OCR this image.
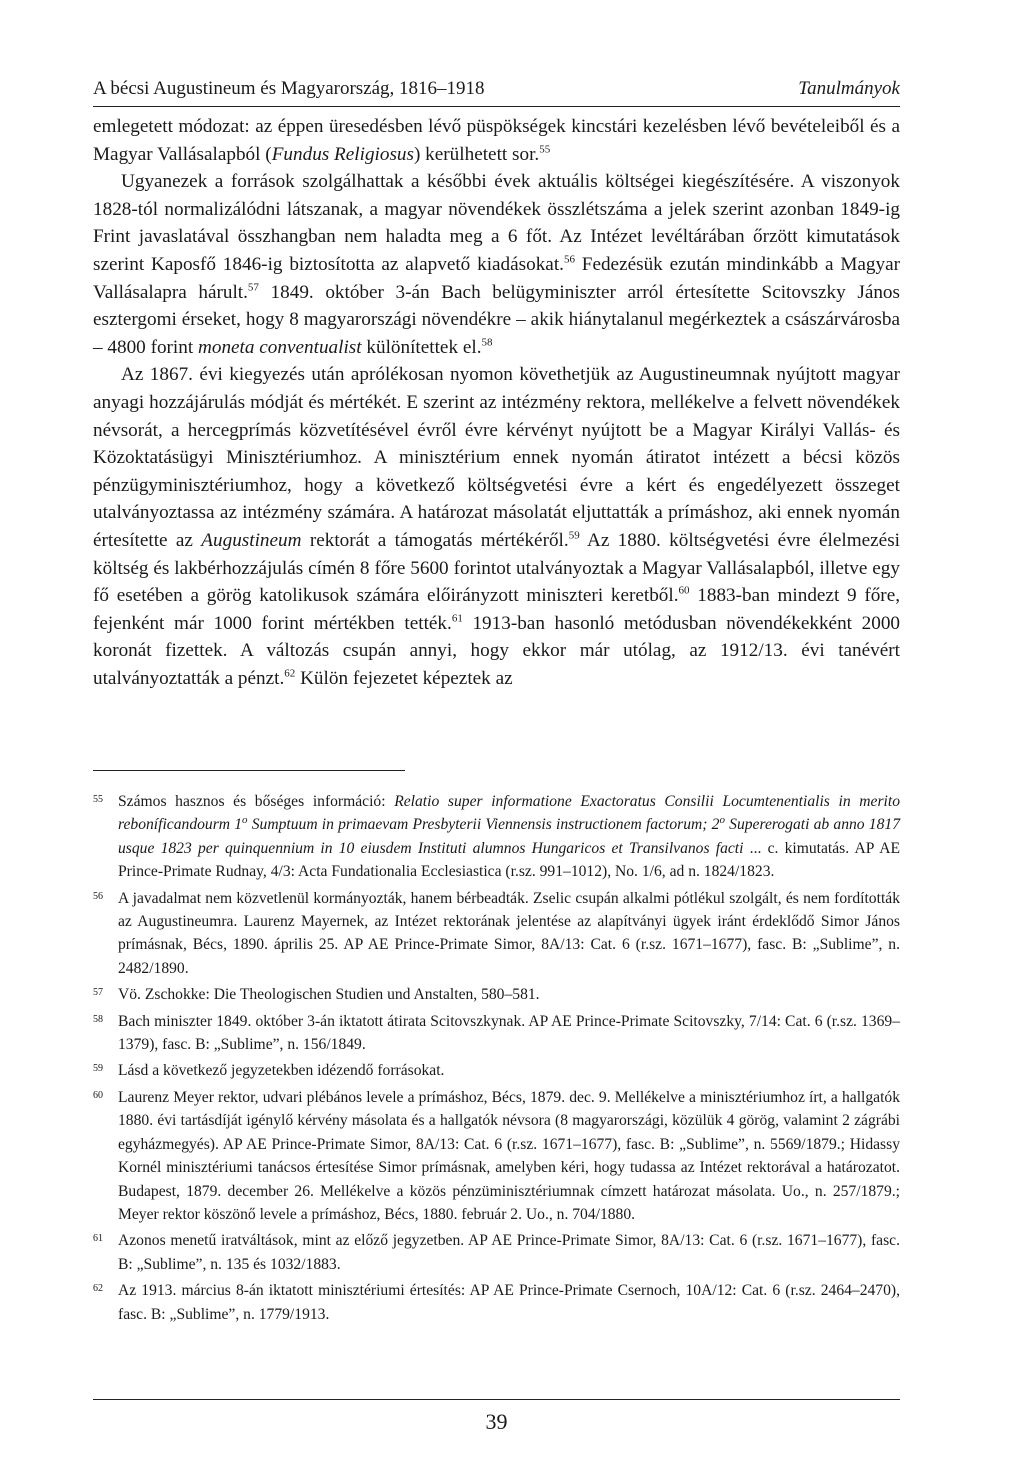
A bécsi Augustineum és Magyarország, 1816–1918	Tanulmányok

emlegetett módozat: az éppen üresedésben lévő püspökségek kincstári kezelésben lévő bevételeiből és a Magyar Vallásalapból (Fundus Religiosus) kerülhetett sor.$^{55}$

Ugyanezek a források szolgálhattak a későbbi évek aktuális költségei kiegészítésére. A viszonyok 1828-tól normalizálódni látszanak, a magyar növendékek összlétszáma a jelek szerint azonban 1849-ig Frint javaslatával összhangban nem haladta meg a 6 főt. Az Intézet levéltárában őrzött kimutatások szerint Kaposfő 1846-ig biztosította az alapvető kiadásokat.$^{56}$ Fedezésük ezután mindinkább a Magyar Vallásalapra hárult.$^{57}$ 1849. október 3-án Bach belügyminiszter arról értesítette Scitovszky János esztergomi érseket, hogy 8 magyarországi növendékre – akik hiánytalanul megérkeztek a császárvárosba – 4800 forint moneta conventualist különítettek el.$^{58}$

Az 1867. évi kiegyezés után aprólékosan nyomon követhetjük az Augustineumnak nyújtott magyar anyagi hozzájárulás módját és mértékét. E szerint az intézmény rektora, mellékelve a felvett növendékek névsorát, a hercegprímás közvetítésével évről évre kérvényt nyújtott be a Magyar Királyi Vallás- és Közoktatásügyi Minisztériumhoz. A minisztérium ennek nyomán átiratot intézett a bécsi közös pénzügyminisztériumhoz, hogy a következő költségvetési évre a kért és engedélyezett összeget utalványoztassa az intézmény számára. A határozat másolatát eljuttatták a prímáshoz, aki ennek nyomán értesítette az Augustineum rektorát a támogatás mértékéről.$^{59}$ Az 1880. költségvetési évre élelmezési költség és lakbérhozzájulás címén 8 főre 5600 forintot utalványoztak a Magyar Vallásalapból, illetve egy fő esetében a görög katolikusok számára előirányzott miniszteri keretből.$^{60}$ 1883-ban mindezt 9 főre, fejenként már 1000 forint mértékben tették.$^{61}$ 1913-ban hasonló metódusban növendékekként 2000 koronát fizettek. A változás csupán annyi, hogy ekkor már utólag, az 1912/13. évi tanévért utalványoztatták a pénzt.$^{62}$ Külön fejezetet képeztek az

55 Számos hasznos és bőséges információ: Relatio super informatione Exactoratus Consilii Locumtenentialis in merito reboníficandourm 1$^o$ Sumptuum in primaevam Presbyterii Viennensis instructionem factorum; 2$^o$ Supererogati ab anno 1817 usque 1823 per quinquennium in 10 eiusdem Instituti alumnos Hungaricos et Transilvanos facti ... c. kimutatás. AP AE Prince-Primate Rudnay, 4/3: Acta Fundationalia Ecclesiastica (r.sz. 991–1012), No. 1/6, ad n. 1824/1823.
56 A javadalmat nem közvetlenül kormányozták, hanem bérbeadták. Zselic csupán alkalmi pótlékul szolgált, és nem fordították az Augustineumra. Laurenz Mayernek, az Intézet rektorának jelentése az alapítványi ügyek iránt érdeklődő Simor János prímásnak, Bécs, 1890. április 25. AP AE Prince-Primate Simor, 8A/13: Cat. 6 (r.sz. 1671–1677), fasc. B: „Sublime”, n. 2482/1890.
57 Vö. Zschokke: Die Theologischen Studien und Anstalten, 580–581.
58 Bach miniszter 1849. október 3-án iktatott átirata Scitovszkynak. AP AE Prince-Primate Scitovszky, 7/14: Cat. 6 (r.sz. 1369–1379), fasc. B: „Sublime”, n. 156/1849.
59 Lásd a következő jegyzetekben idézendő forrásokat.
60 Laurenz Meyer rektor, udvari plébános levele a prímáshoz, Bécs, 1879. dec. 9. Mellékelve a minisztériumhoz írt, a hallgatók 1880. évi tartásdíját igénylő kérvény másolata és a hallgatók névsora (8 magyarországi, közülük 4 görög, valamint 2 zágrábi egyházmegyés). AP AE Prince-Primate Simor, 8A/13: Cat. 6 (r.sz. 1671–1677), fasc. B: „Sublime”, n. 5569/1879.; Hidassy Kornél minisztériumi tanácsos értesítése Simor prímásnak, amelyben kéri, hogy tudassa az Intézet rektorával a határozatot. Budapest, 1879. december 26. Mellékelve a közös pénzüminisztériumnak címzett határozat másolata. Uo., n. 257/1879.; Meyer rektor köszönő levele a prímáshoz, Bécs, 1880. február 2. Uo., n. 704/1880.
61 Azonos menetű iratváltások, mint az előző jegyzetben. AP AE Prince-Primate Simor, 8A/13: Cat. 6 (r.sz. 1671–1677), fasc. B: „Sublime”, n. 135 és 1032/1883.
62 Az 1913. március 8-án iktatott minisztériumi értesítés: AP AE Prince-Primate Csernoch, 10A/12: Cat. 6 (r.sz. 2464–2470), fasc. B: „Sublime”, n. 1779/1913.
39
